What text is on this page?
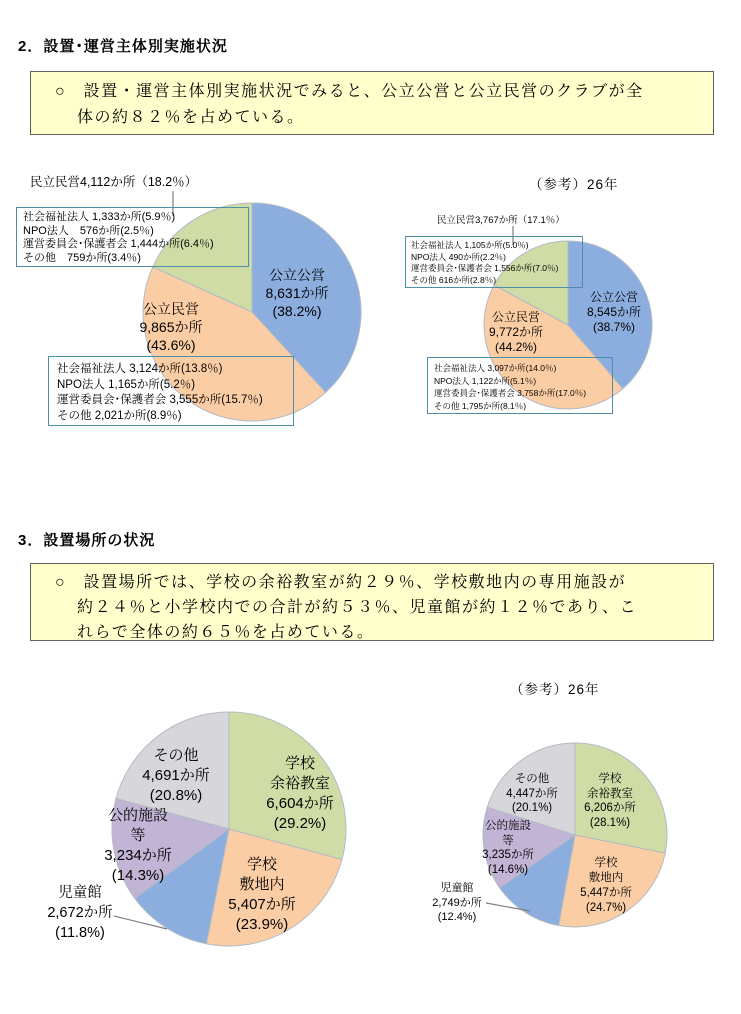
2．設置･運営主体別実施状況
○　設置・運営主体別実施状況でみると、公立公営と公立民営のクラブが全
体の約８２％を占めている。
民立民営4,112か所（18.2％）
社会福祉法人 1,333か所(5.9％)
NPO法人　576か所(2.5％)
運営委員会･保護者会 1,444か所(6.4％)
その他　759か所(3.4％)
公立公営
8,631か所
(38.2%)
公立民営
9,865か所
(43.6%)
社会福祉法人 3,124か所(13.8％)
NPO法人 1,165か所(5.2％)
運営委員会･保護者会 3,555か所(15.7％)
その他 2,021か所(8.9％)
（参考）26年
民立民営3,767か所（17.1％）
社会福祉法人 1,105か所(5.0％)
NPO法人 490か所(2.2％)
運営委員会･保護者会 1,556か所(7.0％)
その他 616か所(2.8％)
公立公営
8,545か所
(38.7%)
公立民営
9,772か所
(44.2%)
社会福祉法人 3,097か所(14.0％)
NPO法人 1,122か所(5.1％)
運営委員会･保護者会 3,758か所(17.0％)
その他 1,795か所(8.1％)
3．設置場所の状況
○　設置場所では、学校の余裕教室が約２９％、学校敷地内の専用施設が
約２４％と小学校内での合計が約５３％、児童館が約１２％であり、こ
れらで全体の約６５％を占めている。
その他
4,691か所
(20.8%)
学校
余裕教室
6,604か所
(29.2%)
学校
敷地内
5,407か所
(23.9%)
公的施設
等
3,234か所
(14.3%)
児童館
2,672か所
(11.8%)
（参考）26年
その他
4,447か所
(20.1%)
学校
余裕教室
6,206か所
(28.1%)
学校
敷地内
5,447か所
(24.7%)
公的施設
等
3,235か所
(14.6%)
児童館
2,749か所
(12.4%)
